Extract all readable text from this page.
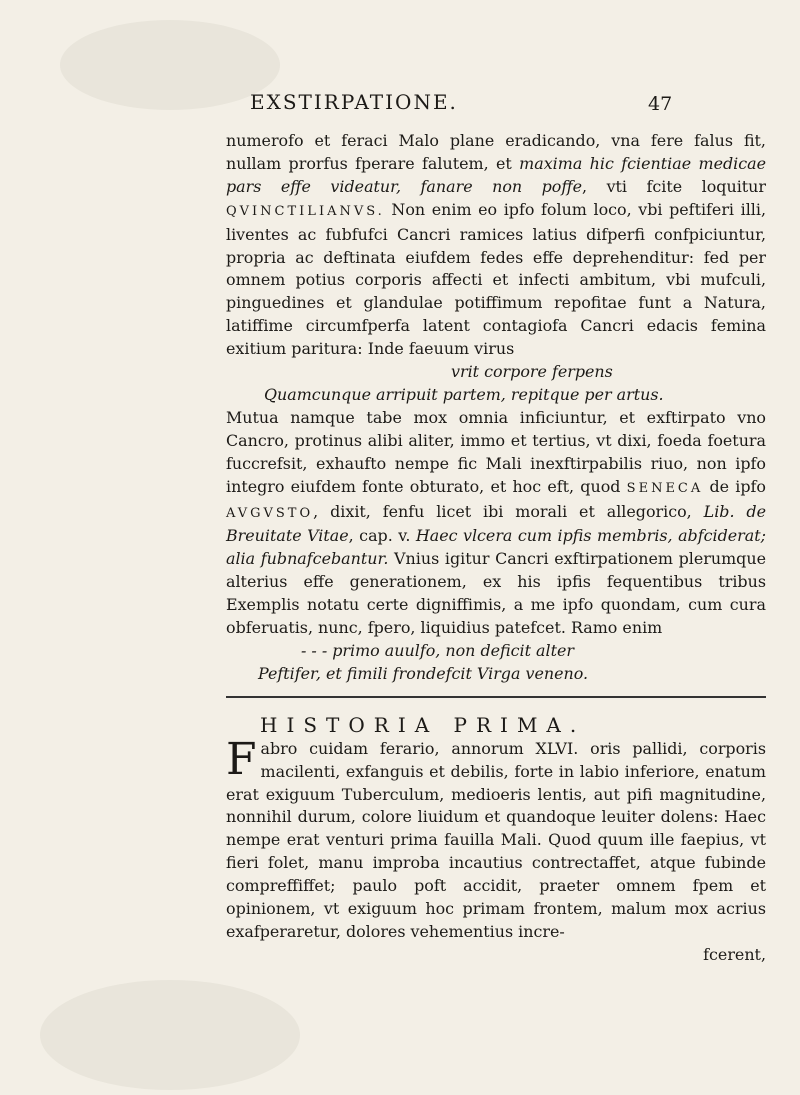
EXSTIRPATIONE.	47

numerofo et feraci Malo plane eradicando, vna fere falus fit, nullam prorfus fperare falutem, et maxima hic fcientiae medicae pars effe videatur, fanare non poffe, vti fcite loquitur QVINCTILIANVS. Non enim eo ipfo folum loco, vbi peftiferi illi, liventes ac fubfufci Cancri ramices latius difperfi confpiciuntur, propria ac deftinata eiufdem fedes effe deprehenditur: fed per omnem potius corporis affecti et infecti ambitum, vbi mufculi, pinguedines et glandulae potiffimum repofitae funt a Natura, latiffime circumfperfa latent contagiofa Cancri edacis femina exitium paritura: Inde faeuum virus

vrit corpore ferpens

Quamcunque arripuit partem, repitque per artus.

Mutua namque tabe mox omnia inficiuntur, et exftirpato vno Cancro, protinus alibi aliter, immo et tertius, vt dixi, foeda foetura fuccrefsit, exhaufto nempe fic Mali inexftirpabilis riuo, non ipfo integro eiufdem fonte obturato, et hoc eft, quod SENECA de ipfo AVGVSTO, dixit, fenfu licet ibi morali et allegorico, Lib. de Breuitate Vitae, cap. v. Haec vlcera cum ipfis membris, abfciderat; alia fubnafcebantur. Vnius igitur Cancri exftirpationem plerumque alterius effe generationem, ex his ipfis fequentibus tribus Exemplis notatu certe digniffimis, a me ipfo quondam, cum cura obferuatis, nunc, fpero, liquidius patefcet. Ramo enim

- - - primo auulfo, non deficit alter

Peftifer, et fimili frondefcit Virga veneno.

HISTORIA PRIMA.

Fabro cuidam ferario, annorum XLVI. oris pallidi, corporis macilenti, exfanguis et debilis, forte in labio inferiore, enatum erat exiguum Tuberculum, medioeris lentis, aut pifi magnitudine, nonnihil durum, colore liuidum et quandoque leuiter dolens: Haec nempe erat venturi prima fauilla Mali. Quod quum ille faepius, vt fieri folet, manu improba incautius contrectaffet, atque fubinde compreffiffet; paulo poft accidit, praeter omnem fpem et opinionem, vt exiguum hoc primam frontem, malum mox acrius exafperaretur, dolores vehementius incre-

fcerent,
